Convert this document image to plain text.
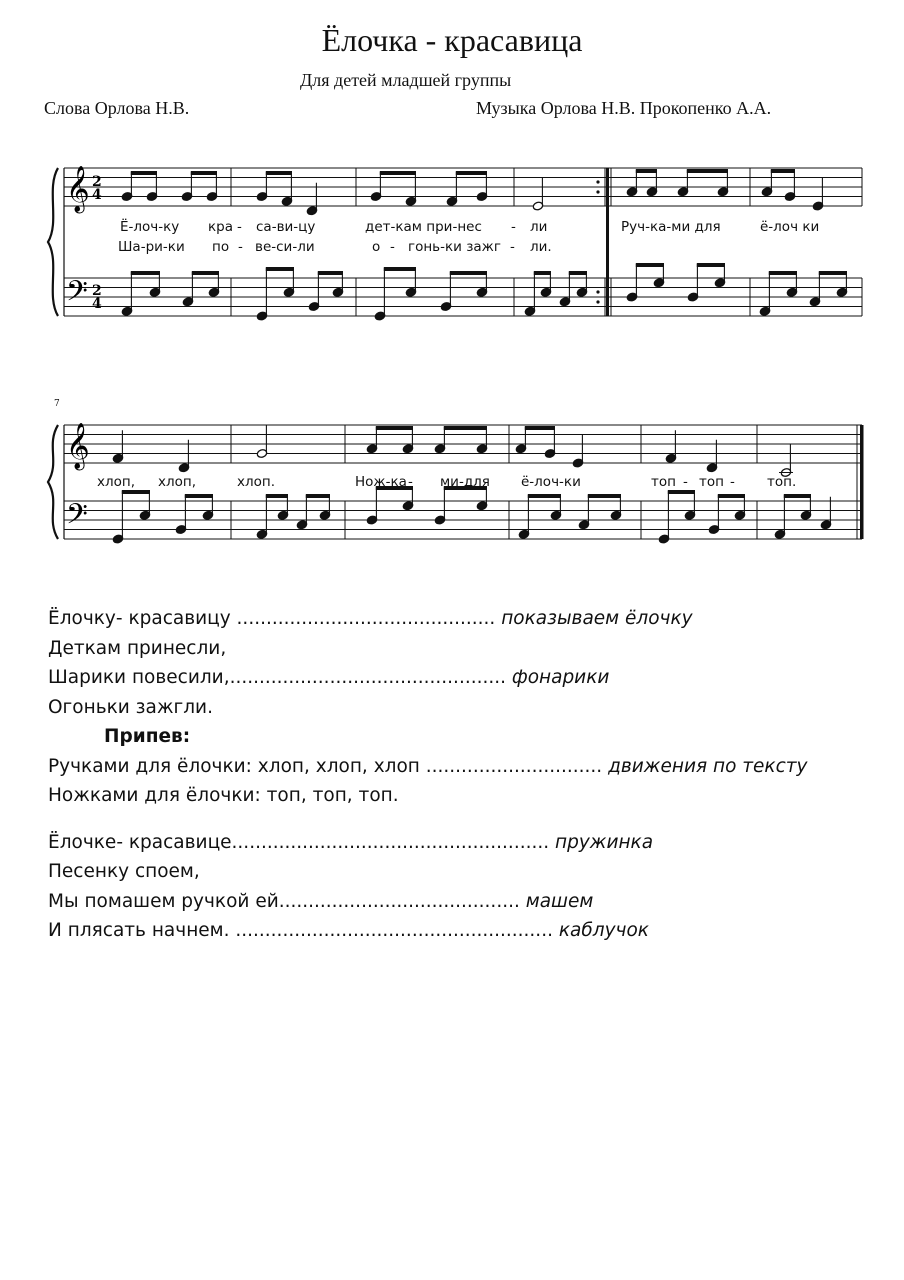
Ёлочка - красавица
Для детей младшей группы
Слова Орлова Н.В.	Музыка Орлова Н.В. Прокопенко А.А.
𝄞
𝄢
𝄞
𝄢
2
4
2
4
7
Ё-лоч-ку кра - са-ви-цу	дет-кам при-нес - ли	Руч-ка-ми для	ё-лоч ки
Ша-ри-ки по - ве-си-ли	о - гонь-ки зажг - ли.
хлоп, хлоп,	хлоп.	Нож-ка - ми-для ё-лоч-ки	топ - топ - топ.
Ёлочку- красавицу ............................................ показываем ёлочку
Деткам принесли,
Шарики повесили,............................................... фонарики
Огоньки зажгли.
Припев:
Ручками для ёлочки: хлоп, хлоп, хлоп .............................. движения по тексту
Ножками для ёлочки: топ, топ, топ.
Ёлочке- красавице...................................................... пружинка
Песенку споем,
Мы помашем ручкой ей......................................... машем
И плясать начнем. ...................................................... каблучок
